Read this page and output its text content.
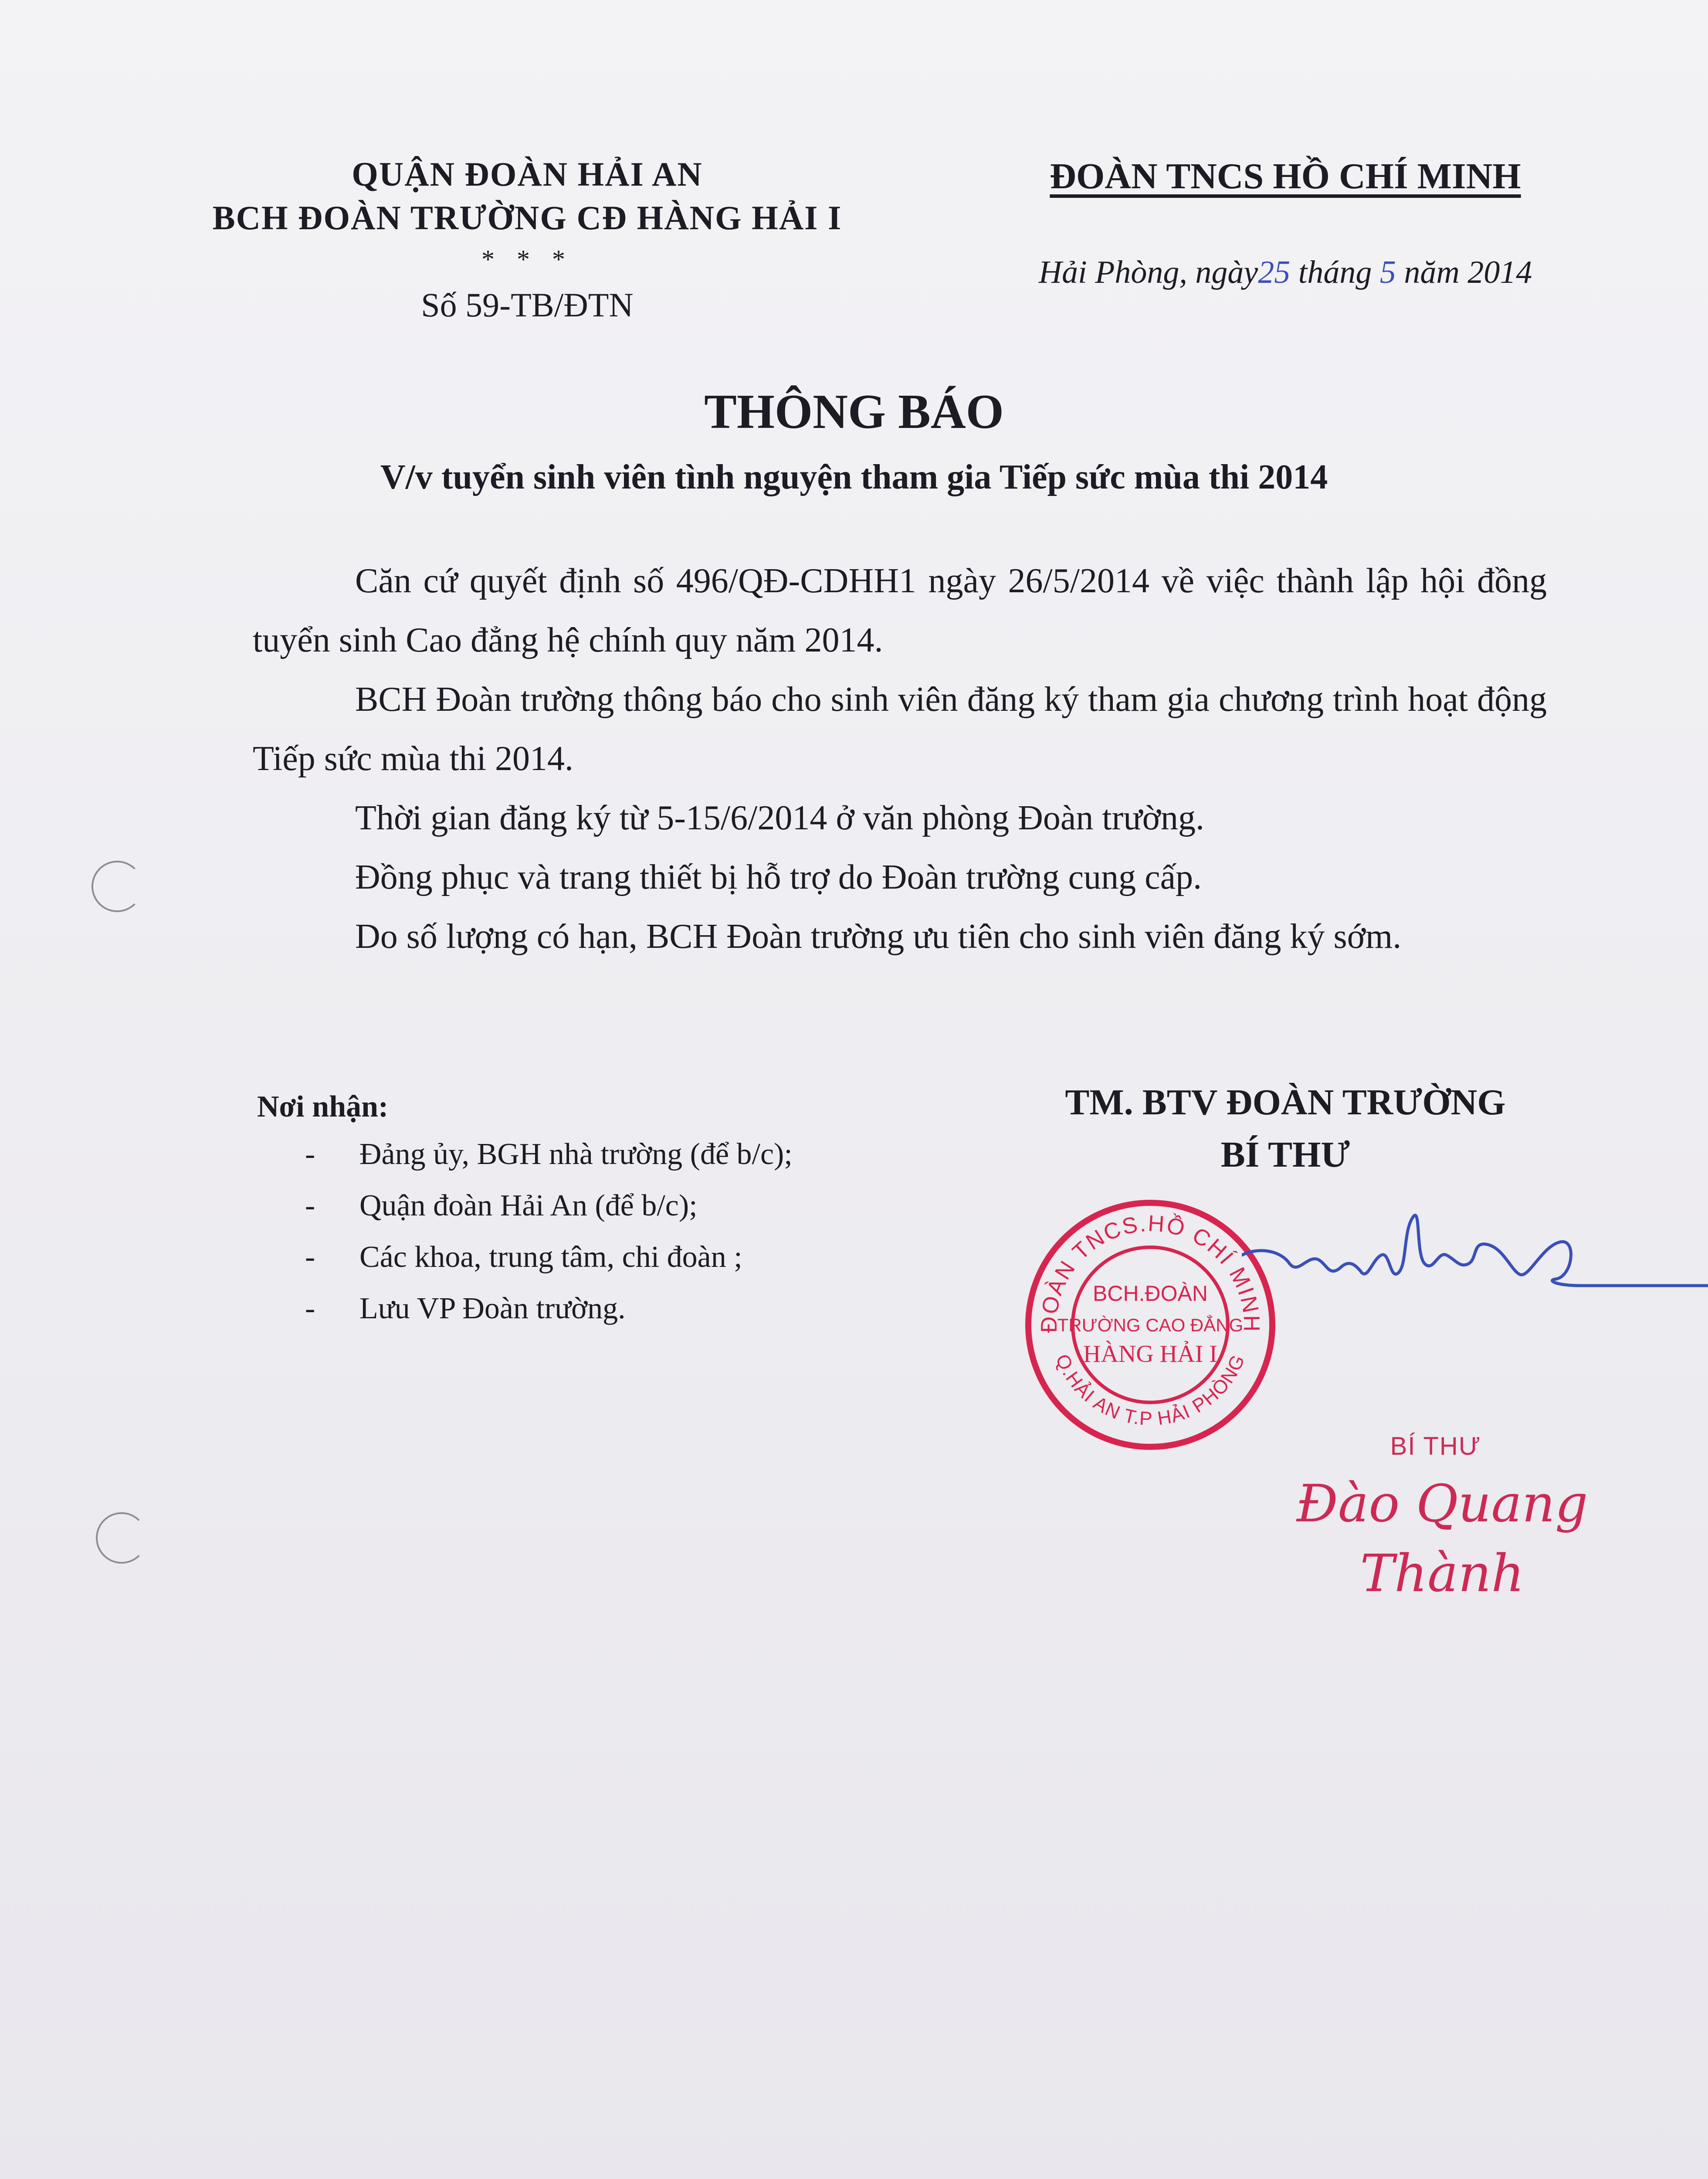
QUẬN ĐOÀN HẢI AN
BCH ĐOÀN TRƯỜNG CĐ HÀNG HẢI I
* * *
Số 59-TB/ĐTN
ĐOÀN TNCS HỒ CHÍ MINH
Hải Phòng, ngày25 tháng 5 năm 2014
THÔNG BÁO
V/v tuyển sinh viên tình nguyện tham gia Tiếp sức mùa thi 2014

Căn cứ quyết định số 496/QĐ-CDHH1 ngày 26/5/2014 về việc thành lập hội đồng tuyển sinh Cao đẳng hệ chính quy năm 2014.

BCH Đoàn trường thông báo cho sinh viên đăng ký tham gia chương trình hoạt động Tiếp sức mùa thi 2014.

Thời gian đăng ký từ 5-15/6/2014 ở văn phòng Đoàn trường.

Đồng phục và trang thiết bị hỗ trợ do Đoàn trường cung cấp.

Do số lượng có hạn, BCH Đoàn trường ưu tiên cho sinh viên đăng ký sớm.

Nơi nhận:
- Đảng ủy, BGH nhà trường (để b/c);
- Quận đoàn Hải An (để b/c);
- Các khoa, trung tâm, chi đoàn ;
- Lưu VP Đoàn trường.
TM. BTV ĐOÀN TRƯỜNG
BÍ THƯ
ĐOÀN TNCS.HỒ CHÍ MINH
Q.HẢI AN T.P HẢI PHÒNG
BCH.ĐOÀN
TRƯỜNG CAO ĐẲNG
HÀNG HẢI I
BÍ THƯ
Đào Quang Thành
